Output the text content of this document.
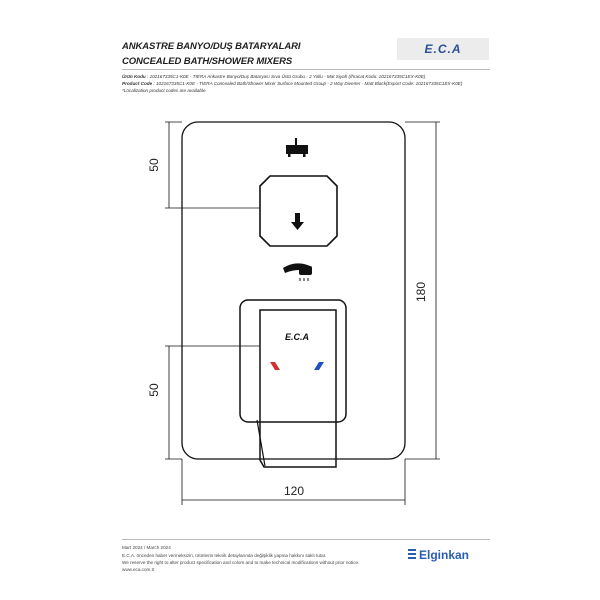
ANKASTRE BANYO/DUŞ BATARYALARI
CONCEALED BATH/SHOWER MIXERS
E.C.A
Ürün Kodu : 102167335C1-K0E - TIERA Ankastre Banyo/Duş Bataryası Sıva Üstü Grubu - 2 Yollu - Mat Siyah (İhracat Kodu: 102167335C1EX-K0E)
Product Code : 102167335C1-K0E - TIERA Concealed Bath/Shower Mixer Surface Mounted Group - 2 Way Diverter - Matt Black(Export Code: 102167335C1EX-K0E)
*Localization product codes are available.
E.C.A
50
50
180
120
Mart 2024 / March 2024
E.C.A. önceden haber vermeksizin, ürünlerin teknik detaylarında değişiklik yapma hakkını saklı tutar.
We reserve the right to alter product specification and colors and to make technical modifications without prior notice.
www.eca.com.tr
Elginkan
